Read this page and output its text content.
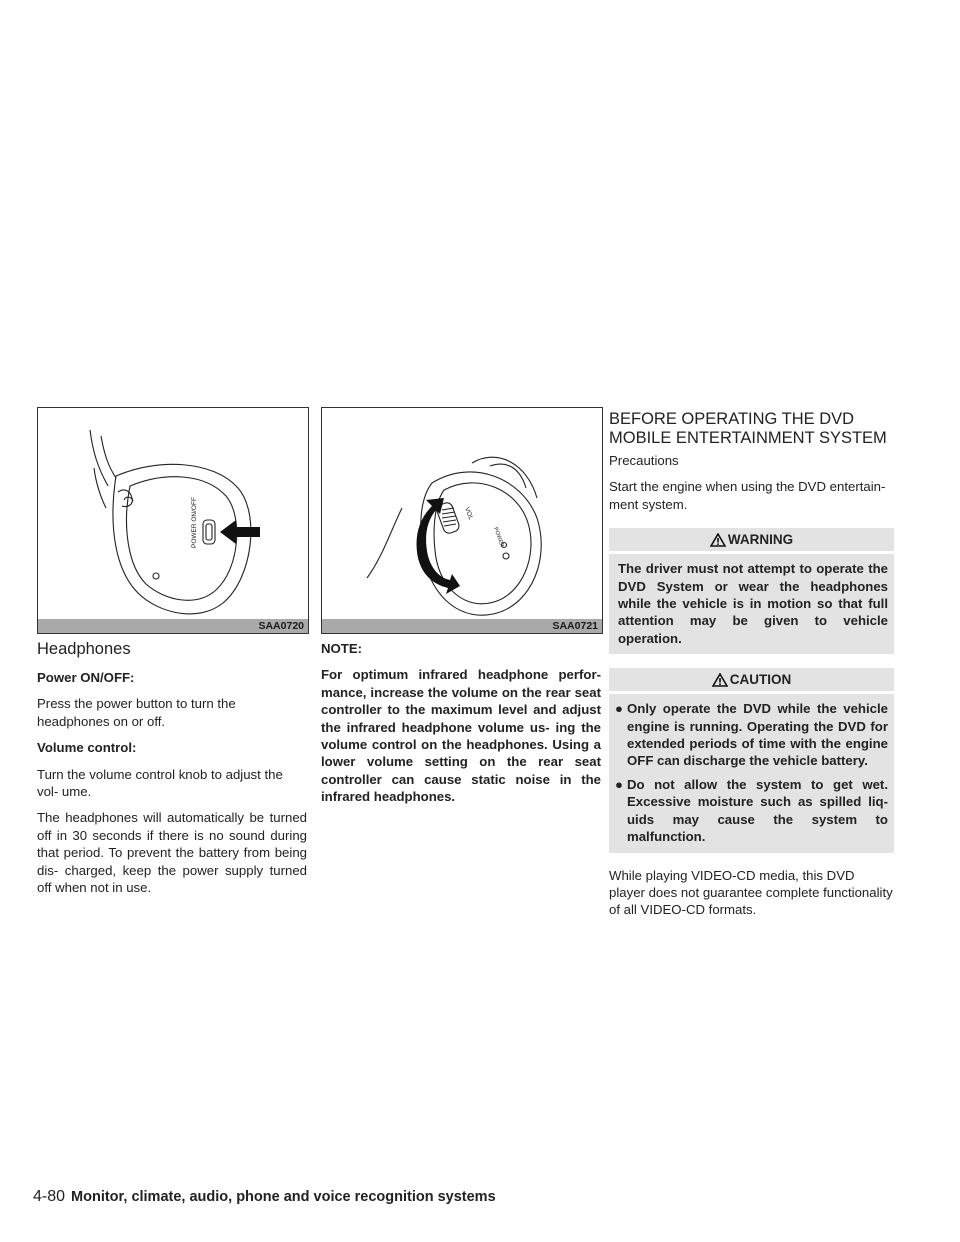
POWER ON/OFF
SAA0720
VOL
POWER
SAA0721
Headphones

Power ON/OFF:

Press the power button to turn the headphones on or off.

Volume control:

Turn the volume control knob to adjust the vol- ume.

The headphones will automatically be turned off in 30 seconds if there is no sound during that period. To prevent the battery from being dis- charged, keep the power supply turned off when not in use.

NOTE:

For optimum infrared headphone perfor- mance, increase the volume on the rear seat controller to the maximum level and adjust the infrared headphone volume us- ing the volume control on the headphones. Using a lower volume setting on the rear seat controller can cause static noise in the infrared headphones.

BEFORE OPERATING THE DVD
MOBILE ENTERTAINMENT SYSTEM

Precautions

Start the engine when using the DVD entertain- ment system.

WARNING
The driver must not attempt to operate the DVD System or wear the headphones while the vehicle is in motion so that full attention may be given to vehicle operation.
CAUTION
● Only operate the DVD while the vehicle engine is running. Operating the DVD for extended periods of time with the engine OFF can discharge the vehicle battery.
● Do not allow the system to get wet. Excessive moisture such as spilled liq- uids may cause the system to malfunction.

While playing VIDEO-CD media, this DVD player does not guarantee complete functionality of all VIDEO-CD formats.

4-80 Monitor, climate, audio, phone and voice recognition systems
